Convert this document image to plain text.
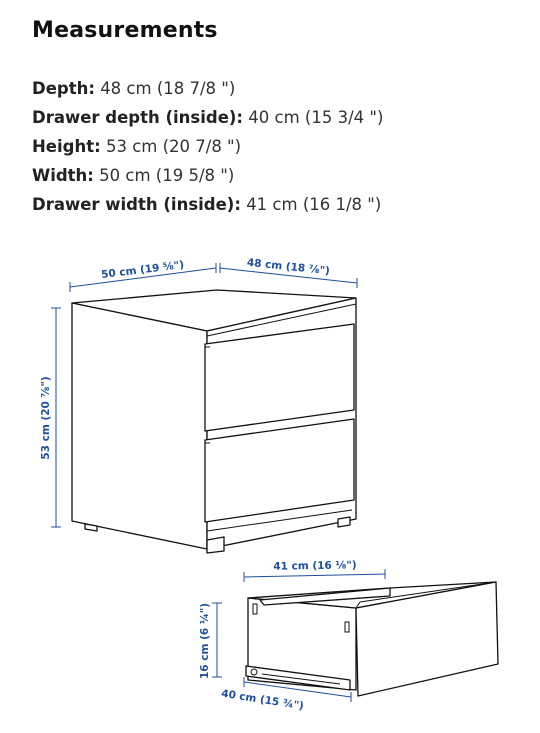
Measurements
Depth: 48 cm (18 7/8 ")
Drawer depth (inside): 40 cm (15 3/4 ")
Height: 53 cm (20 7/8 ")
Width: 50 cm (19 5/8 ")
Drawer width (inside): 41 cm (16 1/8 ")
50 cm (19 ⅝")	48 cm (18 ⅞")
53 cm (20 ⅞")
41 cm (16 ⅛")
16 cm (6 ¼")
40 cm (15 ¾")
